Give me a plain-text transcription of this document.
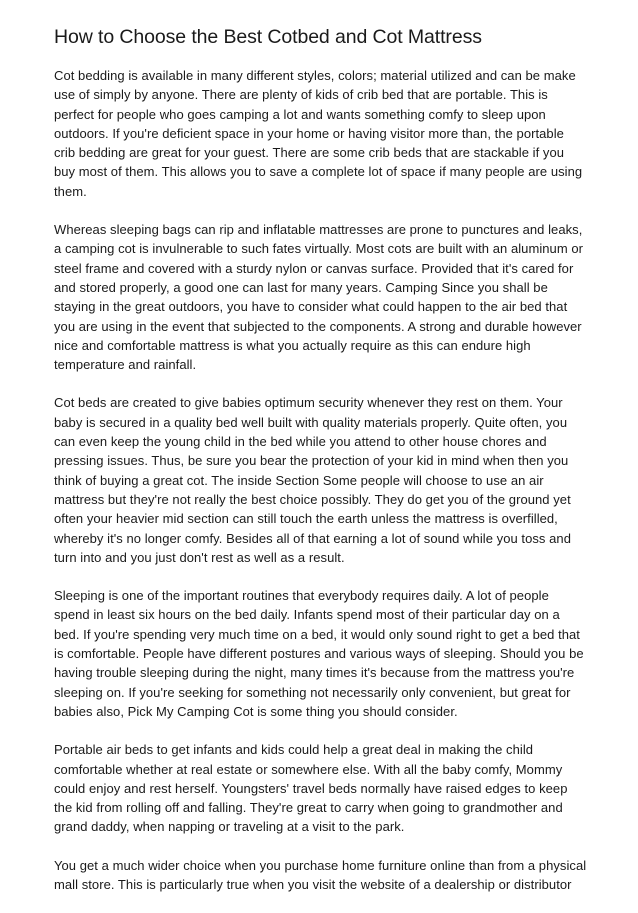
How to Choose the Best Cotbed and Cot Mattress

Cot bedding is available in many different styles, colors; material utilized and can be make use of simply by anyone. There are plenty of kids of crib bed that are portable. This is perfect for people who goes camping a lot and wants something comfy to sleep upon outdoors. If you're deficient space in your home or having visitor more than, the portable crib bedding are great for your guest. There are some crib beds that are stackable if you buy most of them. This allows you to save a complete lot of space if many people are using them.

Whereas sleeping bags can rip and inflatable mattresses are prone to punctures and leaks, a camping cot is invulnerable to such fates virtually. Most cots are built with an aluminum or steel frame and covered with a sturdy nylon or canvas surface. Provided that it's cared for and stored properly, a good one can last for many years. Camping Since you shall be staying in the great outdoors, you have to consider what could happen to the air bed that you are using in the event that subjected to the components. A strong and durable however nice and comfortable mattress is what you actually require as this can endure high temperature and rainfall.

Cot beds are created to give babies optimum security whenever they rest on them. Your baby is secured in a quality bed well built with quality materials properly. Quite often, you can even keep the young child in the bed while you attend to other house chores and pressing issues. Thus, be sure you bear the protection of your kid in mind when then you think of buying a great cot. The inside Section Some people will choose to use an air mattress but they're not really the best choice possibly. They do get you of the ground yet often your heavier mid section can still touch the earth unless the mattress is overfilled, whereby it's no longer comfy. Besides all of that earning a lot of sound while you toss and turn into and you just don't rest as well as a result.

Sleeping is one of the important routines that everybody requires daily. A lot of people spend in least six hours on the bed daily. Infants spend most of their particular day on a bed. If you're spending very much time on a bed, it would only sound right to get a bed that is comfortable. People have different postures and various ways of sleeping. Should you be having trouble sleeping during the night, many times it's because from the mattress you're sleeping on. If you're seeking for something not necessarily only convenient, but great for babies also, Pick My Camping Cot is some thing you should consider.

Portable air beds to get infants and kids could help a great deal in making the child comfortable whether at real estate or somewhere else. With all the baby comfy, Mommy could enjoy and rest herself. Youngsters' travel beds normally have raised edges to keep the kid from rolling off and falling. They're great to carry when going to grandmother and grand daddy, when napping or traveling at a visit to the park.

You get a much wider choice when you purchase home furniture online than from a physical mall store. This is particularly true when you visit the website of a dealership or distributor
